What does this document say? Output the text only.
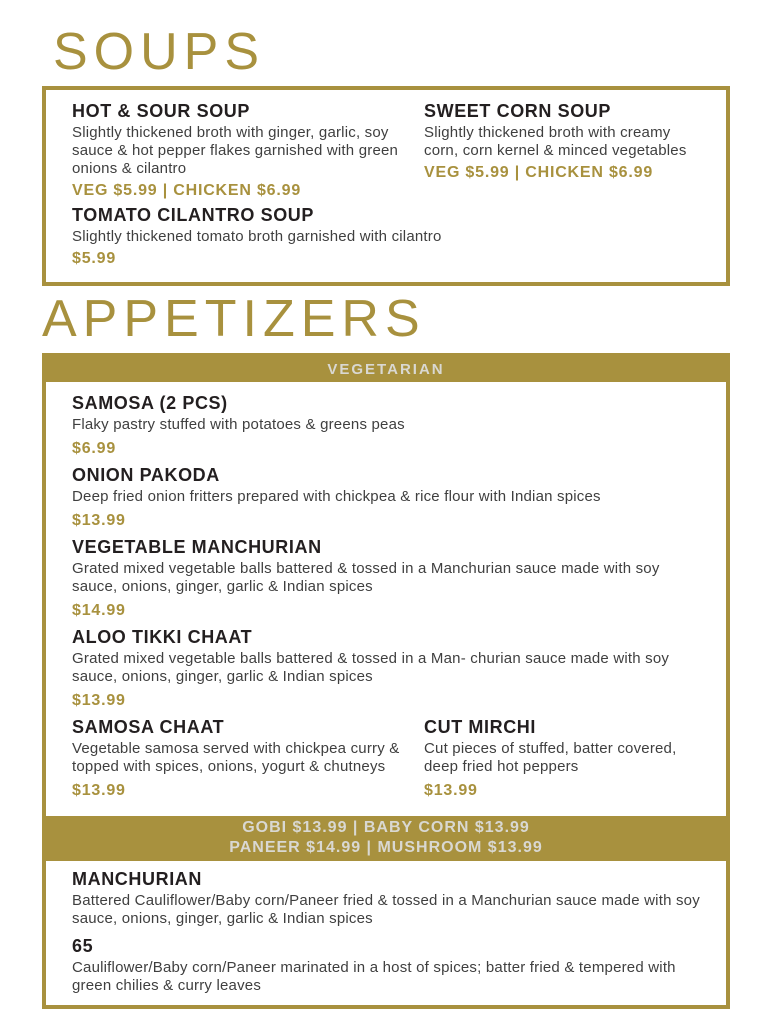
SOUPS
HOT & SOUR SOUP
Slightly thickened broth with ginger, garlic, soy sauce & hot pepper flakes garnished with green onions & cilantro
VEG $5.99 | CHICKEN $6.99
SWEET CORN SOUP
Slightly thickened broth with creamy corn, corn kernel & minced vegetables
VEG $5.99 | CHICKEN $6.99
TOMATO CILANTRO SOUP
Slightly thickened tomato broth garnished with cilantro
$5.99
APPETIZERS
VEGETARIAN
SAMOSA (2 PCS)
Flaky pastry stuffed with potatoes & greens peas
$6.99
ONION PAKODA
Deep fried onion fritters prepared with chickpea & rice flour with Indian spices
$13.99
VEGETABLE MANCHURIAN
Grated mixed vegetable balls battered & tossed in a Manchurian sauce made with soy sauce, onions, ginger, garlic & Indian spices
$14.99
ALOO TIKKI CHAAT
Grated mixed vegetable balls battered & tossed in a Man- churian sauce made with soy sauce, onions, ginger, garlic & Indian spices
$13.99
SAMOSA CHAAT
Vegetable samosa served with chickpea curry & topped with spices, onions, yogurt & chutneys
$13.99
CUT MIRCHI
Cut pieces of stuffed, batter covered, deep fried hot peppers
$13.99
GOBI $13.99 | BABY CORN $13.99
PANEER $14.99 | MUSHROOM $13.99
MANCHURIAN
Battered Cauliflower/Baby corn/Paneer fried & tossed in a Manchurian sauce made with soy sauce, onions, ginger, garlic & Indian spices
65
Cauliflower/Baby corn/Paneer marinated in a host of spices; batter fried & tempered with green chilies & curry leaves
